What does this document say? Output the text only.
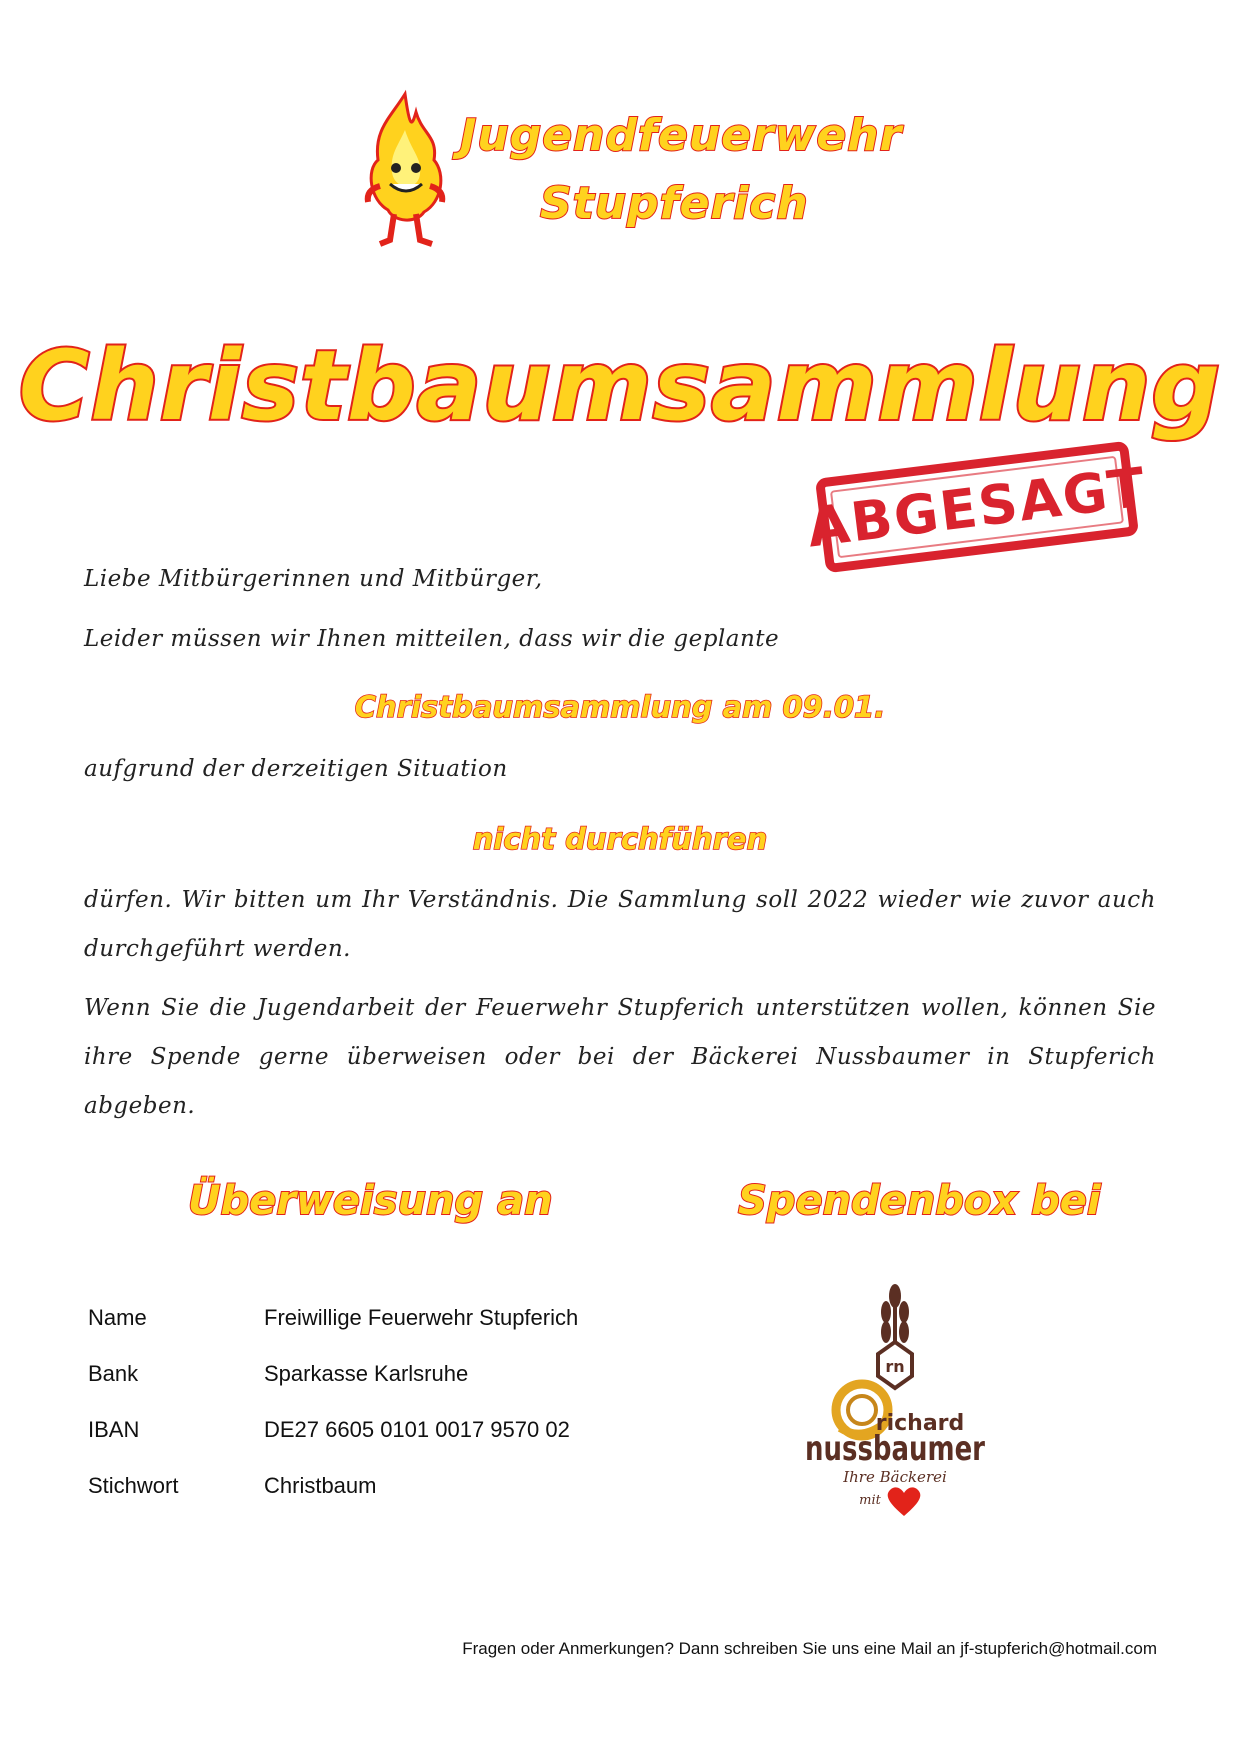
Jugendfeuerwehr
Stupferich
Christbaumsammlung
ABGESAGT

Liebe Mitbürgerinnen und Mitbürger,

Leider müssen wir Ihnen mitteilen, dass wir die geplante

Christbaumsammlung am 09.01.

aufgrund der derzeitigen Situation

nicht durchführen

dürfen. Wir bitten um Ihr Verständnis. Die Sammlung soll 2022 wieder wie zuvor auch durchgeführt werden.

Wenn Sie die Jugendarbeit der Feuerwehr Stupferich unterstützen wollen, können Sie ihre Spende gerne überweisen oder bei der Bäckerei Nussbaumer in Stupferich abgeben.

Überweisung an	Spendenbox bei
Name	Freiwillige Feuerwehr Stupferich
Bank	Sparkasse Karlsruhe
IBAN	DE27 6605 0101 0017 9570 02
Stichwort	Christbaum
rn
richard
nussbaumer
Ihre Bäckerei
mit
Fragen oder Anmerkungen? Dann schreiben Sie uns eine Mail an jf-stupferich@hotmail.com
